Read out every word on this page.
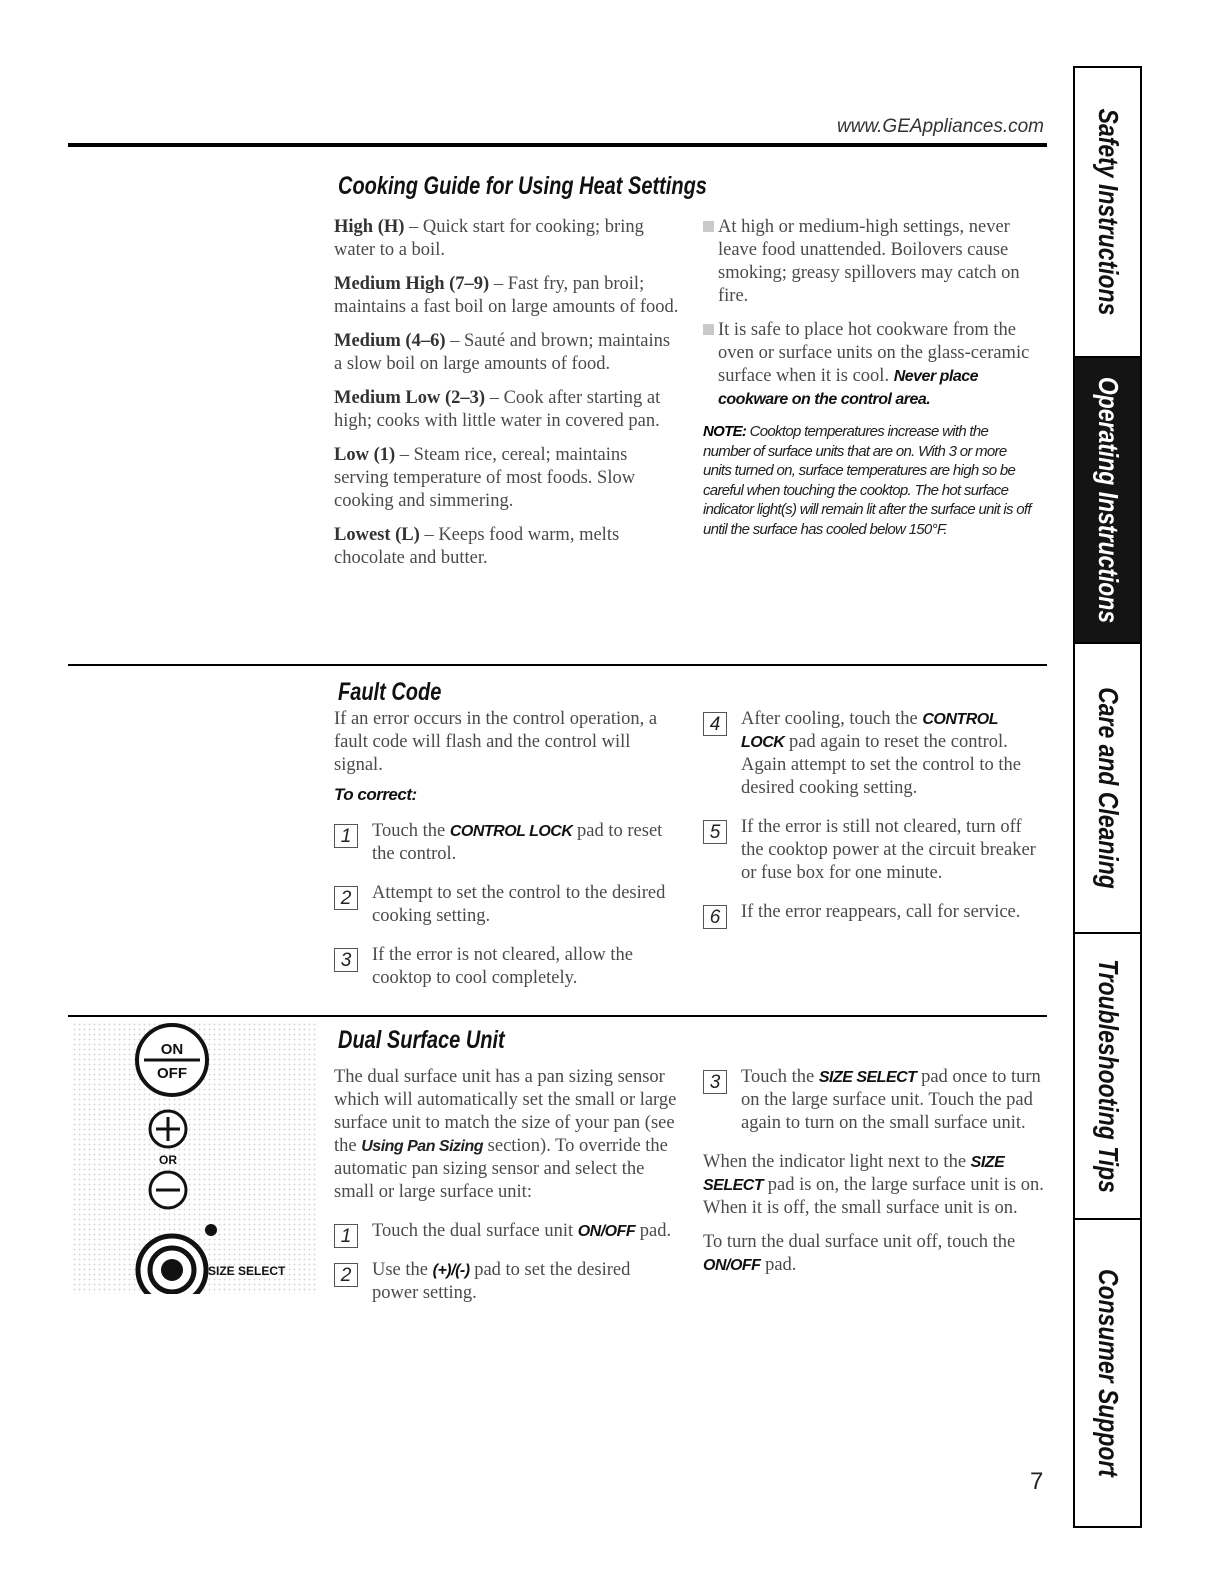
www.GEAppliances.com
Cooking Guide for Using Heat Settings

High (H) – Quick start for cooking; bring water to a boil.

Medium High (7–9) – Fast fry, pan broil; maintains a fast boil on large amounts of food.

Medium (4–6) – Sauté and brown; maintains a slow boil on large amounts of food.

Medium Low (2–3) – Cook after starting at high; cooks with little water in covered pan.

Low (1) – Steam rice, cereal; maintains serving temperature of most foods. Slow cooking and simmering.

Lowest (L) – Keeps food warm, melts chocolate and butter.

At high or medium-high settings, never leave food unattended. Boilovers cause smoking; greasy spillovers may catch on fire.

It is safe to place hot cookware from the oven or surface units on the glass-ceramic surface when it is cool. Never place cookware on the control area.

NOTE: Cooktop temperatures increase with the number of surface units that are on. With 3 or more units turned on, surface temperatures are high so be careful when touching the cooktop. The hot surface indicator light(s) will remain lit after the surface unit is off until the surface has cooled below 150°F.

Fault Code

If an error occurs in the control operation, a fault code will flash and the control will signal.

To correct:
1	Touch the CONTROL LOCK pad to reset the control.
2	Attempt to set the control to the desired cooking setting.
3	If the error is not cleared, allow the cooktop to cool completely.
4	After cooling, touch the CONTROL LOCK pad again to reset the control. Again attempt to set the control to the desired cooking setting.
5	If the error is still not cleared, turn off the cooktop power at the circuit breaker or fuse box for one minute.
6	If the error reappears, call for service.
ON
OFF
OR
SIZE SELECT
Dual Surface Unit

The dual surface unit has a pan sizing sensor which will automatically set the small or large surface unit to match the size of your pan (see the Using Pan Sizing section). To override the automatic pan sizing sensor and select the small or large surface unit:

1	Touch the dual surface unit ON/OFF pad.
2	Use the (+)/(-) pad to set the desired power setting.
3	Touch the SIZE SELECT pad once to turn on the large surface unit. Touch the pad again to turn on the small surface unit.

When the indicator light next to the SIZE SELECT pad is on, the large surface unit is on. When it is off, the small surface unit is on.

To turn the dual surface unit off, touch the ON/OFF pad.

Safety Instructions
Operating Instructions
Care and Cleaning
Troubleshooting Tips
Consumer Support
7
